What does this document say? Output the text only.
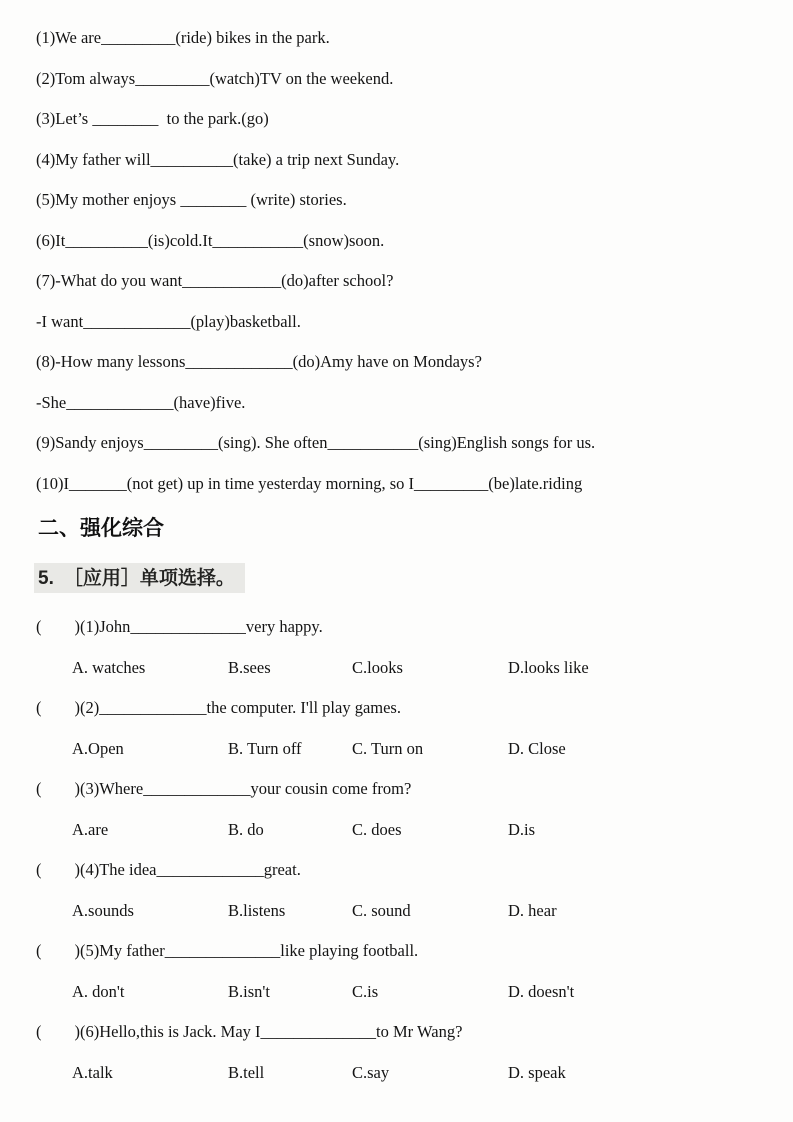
(1)We are_________(ride) bikes in the park.
(2)Tom always_________(watch)TV on the weekend.
(3)Let’s ________  to the park.(go)
(4)My father will__________(take) a trip next Sunday.
(5)My mother enjoys ________ (write) stories.
(6)It__________(is)cold.It___________(snow)soon.
(7)-What do you want____________(do)after school?
-I want_____________(play)basketball.
(8)-How many lessons_____________(do)Amy have on Mondays?
-She_____________(have)five.
(9)Sandy enjoys_________(sing). She often___________(sing)English songs for us.
(10)I_______(not get) up in time yesterday morning, so I_________(be)late.riding
二、强化综合
5. ［应用］单项选择。
(        )(1)John______________very happy.
A. watches	B.sees	C.looks	D.looks like
(        )(2)_____________the computer. I'll play games.
A.Open	B. Turn off	C. Turn on	D. Close
(        )(3)Where_____________your cousin come from?
A.are	B. do	C. does	D.is
(        )(4)The idea_____________great.
A.sounds	B.listens	C. sound	D. hear
(        )(5)My father______________like playing football.
A. don't	B.isn't	C.is	D. doesn't
(        )(6)Hello,this is Jack. May I______________to Mr Wang?
A.talk	B.tell	C.say	D. speak
